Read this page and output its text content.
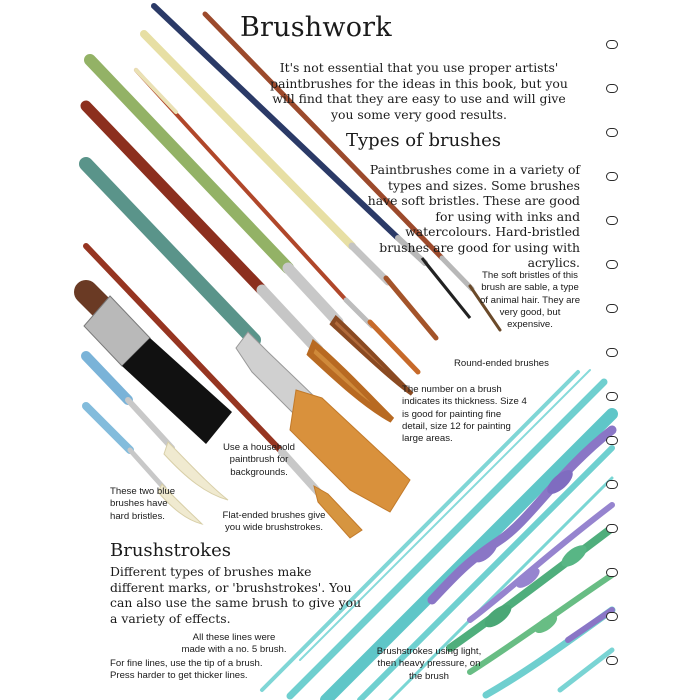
Brushwork

It's not essential that you use proper artists' paintbrushes for the ideas in this book, but you will find that they are easy to use and will give you some very good results.

Types of brushes

Paintbrushes come in a variety of types and sizes. Some brushes have soft bristles. These are good for using with inks and watercolours. Hard-bristled brushes are good for using with acrylics.

The soft bristles of this brush are sable, a type of animal hair. They are very good, but expensive.

Round-ended brushes

The number on a brush indicates its thickness. Size 4 is good for painting fine detail, size 12 for painting large areas.

Use a household paintbrush for backgrounds.

These two blue brushes have hard bristles.	Flat-ended brushes give you wide brushstrokes.

Brushstrokes

Different types of brushes make different marks, or 'brushstrokes'. You can also use the same brush to give you a variety of effects.

All these lines were made with a no. 5 brush.

For fine lines, use the tip of a brush. Press harder to get thicker lines.

Brushstrokes using light, then heavy pressure, on the brush
